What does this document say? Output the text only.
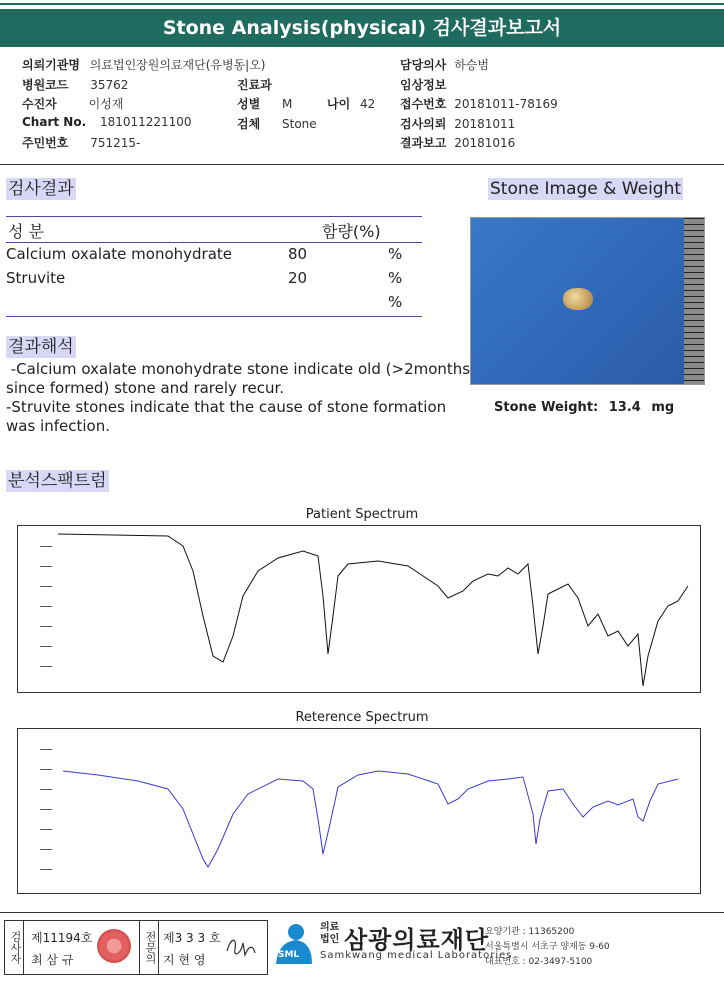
Stone Analysis(physical) 검사결과보고서
의뢰기관명 의료법인장원의료재단(유병동|오)
병원코드 35762
수진자	이성재
Chart No. 181011221100
주민번호 751215-
진료과
성별 M	나이 42
검체 Stone
담당의사 하승범
임상정보
접수번호 20181011-78169
검사의뢰 20181011
결과보고 20181016
검사결과
성 분	함량(%)
Calcium oxalate monohydrate	80	%
Struvite	20	%
%
결과해석
-Calcium oxalate monohydrate stone indicate old (>2months
since formed) stone and rarely recur.
-Struvite stones indicate that the cause of stone formation
was infection.
Stone Image & Weight
Stone Weight: 13.4 mg
분석스팩트럼
Patient Spectrum
Reterence Spectrum
검사자 제11194호
최 삼 규	전문의 제3 3 3 호
지 현 영	SML
의료법인 삼광의료재단
Samkwang medical Laboratories
요양기관 : 11365200
서울특별시 서초구 양재동 9-60
대표번호 : 02-3497-5100
